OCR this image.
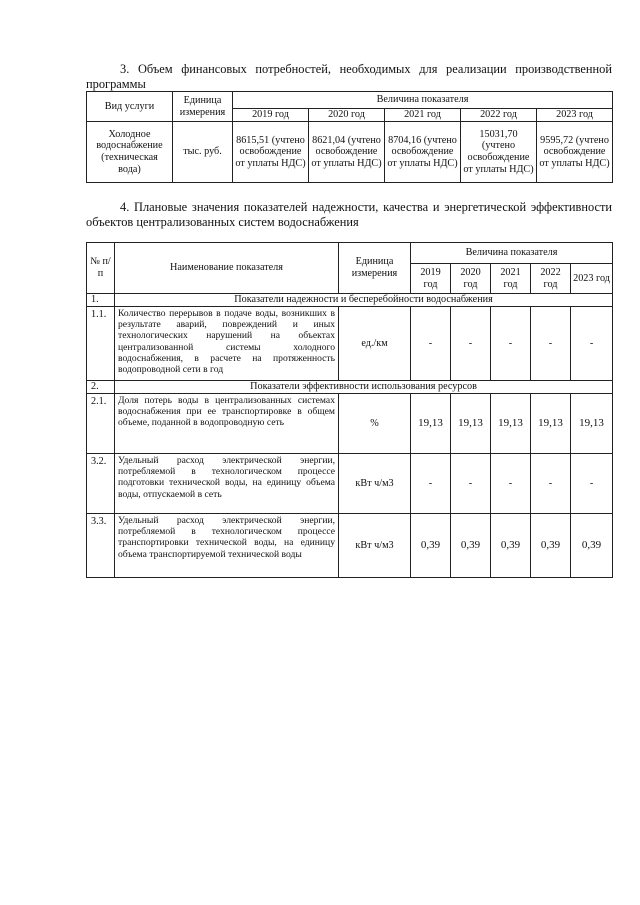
3. Объем финансовых потребностей, необходимых для реализации производственной программы

Вид услуги	Единица измерения	Величина показателя				
		2019 год	2020 год	2021 год	2022 год	2023 год
Холодное водоснабжение (техническая вода)	тыс. руб.	8615,51 (учтено освобождение от уплаты НДС)	8621,04 (учтено освобождение от уплаты НДС)	8704,16 (учтено освобождение от уплаты НДС)	15031,70 (учтено освобождение от уплаты НДС)	9595,72 (учтено освобождение от уплаты НДС)

4. Плановые значения показателей надежности, качества и энергетической эффективности объектов централизованных систем водоснабжения

№ п/п	Наименование показателя	Единица измерения	Величина показателя				
			2019 год	2020 год	2021 год	2022 год	2023 год
1.	Показатели надежности и бесперебойности водоснабжения						
1.1.	Количество перерывов в подаче воды, возникших в результате аварий, повреждений и иных технологических нарушений на объектах централизованной системы холодного водоснабжения, в расчете на протяженность водопроводной сети в год	ед./км	-	-	-	-	-
2.	Показатели эффективности использования ресурсов						
2.1.	Доля потерь воды в централизованных системах водоснабжения при ее транспортировке в общем объеме, поданной в водопроводную сеть	%	19,13	19,13	19,13	19,13	19,13
3.2.	Удельный расход электрической энергии, потребляемой в технологическом процессе подготовки технической воды, на единицу объема воды, отпускаемой в сеть	кВт ч/м3	-	-	-	-	-
3.3.	Удельный расход электрической энергии, потребляемой в технологическом процессе транспортировки технической воды, на единицу объема транспортируемой технической воды	кВт ч/м3	0,39	0,39	0,39	0,39	0,39
